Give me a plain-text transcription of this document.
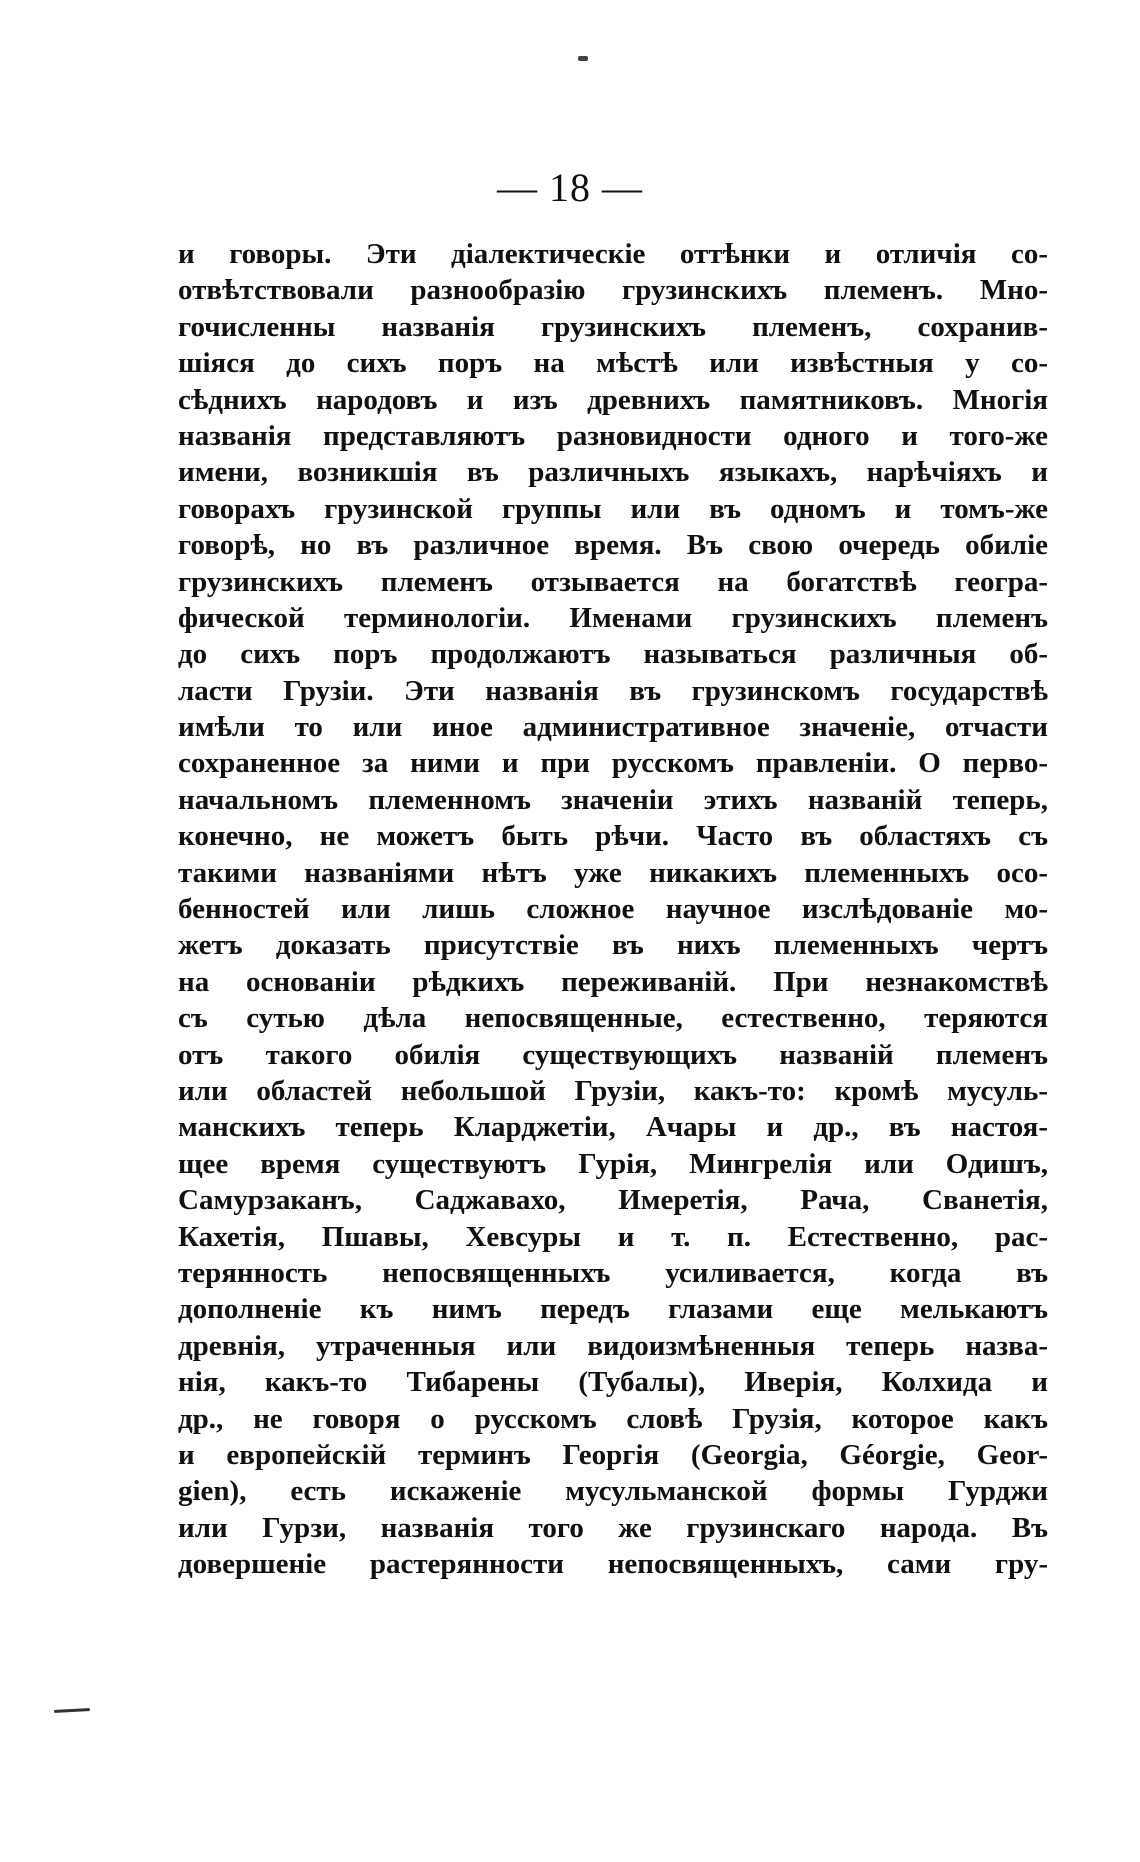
— 18 —
и говоры. Эти діалектическіе оттѣнки и отличія со-
отвѣтствовали разнообразію грузинскихъ племенъ. Мно-
гочисленны названія грузинскихъ племенъ, сохранив-
шіяся до сихъ поръ на мѣстѣ или извѣстныя у со-
сѣднихъ народовъ и изъ древнихъ памятниковъ. Многія
названія представляютъ разновидности одного и того-же
имени, возникшія въ различныхъ языкахъ, нарѣчіяхъ и
говорахъ грузинской группы или въ одномъ и томъ-же
говорѣ, но въ различное время. Въ свою очередь обиліе
грузинскихъ племенъ отзывается на богатствѣ геогра-
фической терминологіи. Именами грузинскихъ племенъ
до сихъ поръ продолжаютъ называться различныя об-
ласти Грузіи. Эти названія въ грузинскомъ государствѣ
имѣли то или иное административное значеніе, отчасти
сохраненное за ними и при русскомъ правленіи. О перво-
начальномъ племенномъ значеніи этихъ названій теперь,
конечно, не можетъ быть рѣчи. Часто въ областяхъ съ
такими названіями нѣтъ уже никакихъ племенныхъ осо-
бенностей или лишь сложное научное изслѣдованіе мо-
жетъ доказать присутствіе въ нихъ племенныхъ чертъ
на основаніи рѣдкихъ переживаній. При незнакомствѣ
съ сутью дѣла непосвященные, естественно, теряются
отъ такого обилія существующихъ названій племенъ
или областей небольшой Грузіи, какъ-то: кромѣ мусуль-
манскихъ теперь Кларджетіи, Ачары и др., въ настоя-
щее время существуютъ Гурія, Мингрелія или Одишъ,
Самурзаканъ, Саджавахо, Имеретія, Рача, Сванетія,
Кахетія, Пшавы, Хевсуры и т. п. Естественно, рас-
терянность непосвященныхъ усиливается, когда въ
дополненіе къ нимъ передъ глазами еще мелькаютъ
древнія, утраченныя или видоизмѣненныя теперь назва-
нія, какъ-то Тибарены (Тубалы), Иверія, Колхида и
др., не говоря о русскомъ словѣ Грузія, которое какъ
и европейскій терминъ Георгія (Georgia, Géorgie, Geor-
gien), есть искаженіе мусульманской формы Гурджи
или Гурзи, названія того же грузинскаго народа. Въ
довершеніе растерянности непосвященныхъ, сами гру-
